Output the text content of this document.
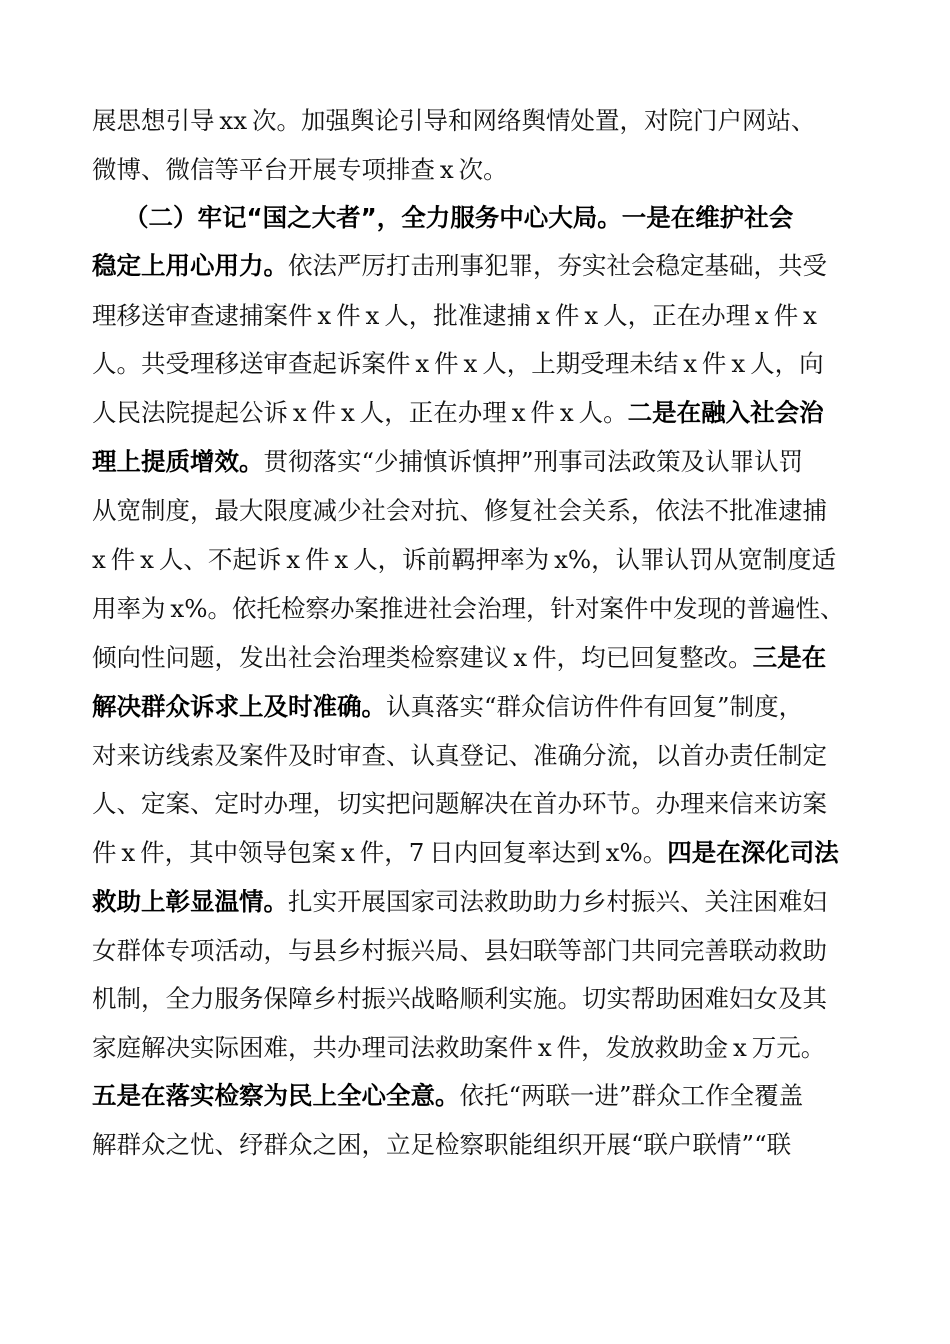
展思想引导  xx  次。加强舆论引导和网络舆情处置，对院门户网站、
微博、微信等平台开展专项排查  x  次。
（二）牢记“国之大者”，全力服务中心大局。一是在维护社会
稳定上用心用力。依法严厉打击刑事犯罪，夯实社会稳定基础，共受
理移送审查逮捕案件  x  件  x  人，批准逮捕  x  件  x  人，正在办理  x  件  x
人。共受理移送审查起诉案件  x  件  x  人，上期受理未结  x  件  x  人，向
人民法院提起公诉  x  件  x  人，正在办理  x  件  x  人。二是在融入社会治
理上提质增效。贯彻落实“少捕慎诉慎押”刑事司法政策及认罪认罚
从宽制度，最大限度减少社会对抗、修复社会关系，依法不批准逮捕
x  件  x  人、不起诉  x  件  x  人，诉前羁押率为  x%，认罪认罚从宽制度适
用率为  x%。依托检察办案推进社会治理，针对案件中发现的普遍性、
倾向性问题，发出社会治理类检察建议  x  件，均已回复整改。三是在
解决群众诉求上及时准确。认真落实“群众信访件件有回复”制度，
对来访线索及案件及时审查、认真登记、准确分流，以首办责任制定
人、定案、定时办理，切实把问题解决在首办环节。办理来信来访案
件  x  件，其中领导包案  x  件，7  日内回复率达到  x%。四是在深化司法
救助上彰显温情。扎实开展国家司法救助助力乡村振兴、关注困难妇
女群体专项活动，与县乡村振兴局、县妇联等部门共同完善联动救助
机制，全力服务保障乡村振兴战略顺利实施。切实帮助困难妇女及其
家庭解决实际困难，共办理司法救助案件  x  件，发放救助金  x  万元。
五是在落实检察为民上全心全意。依托“两联一进”群众工作全覆盖
解群众之忧、纾群众之困，立足检察职能组织开展“联户联情”“联
